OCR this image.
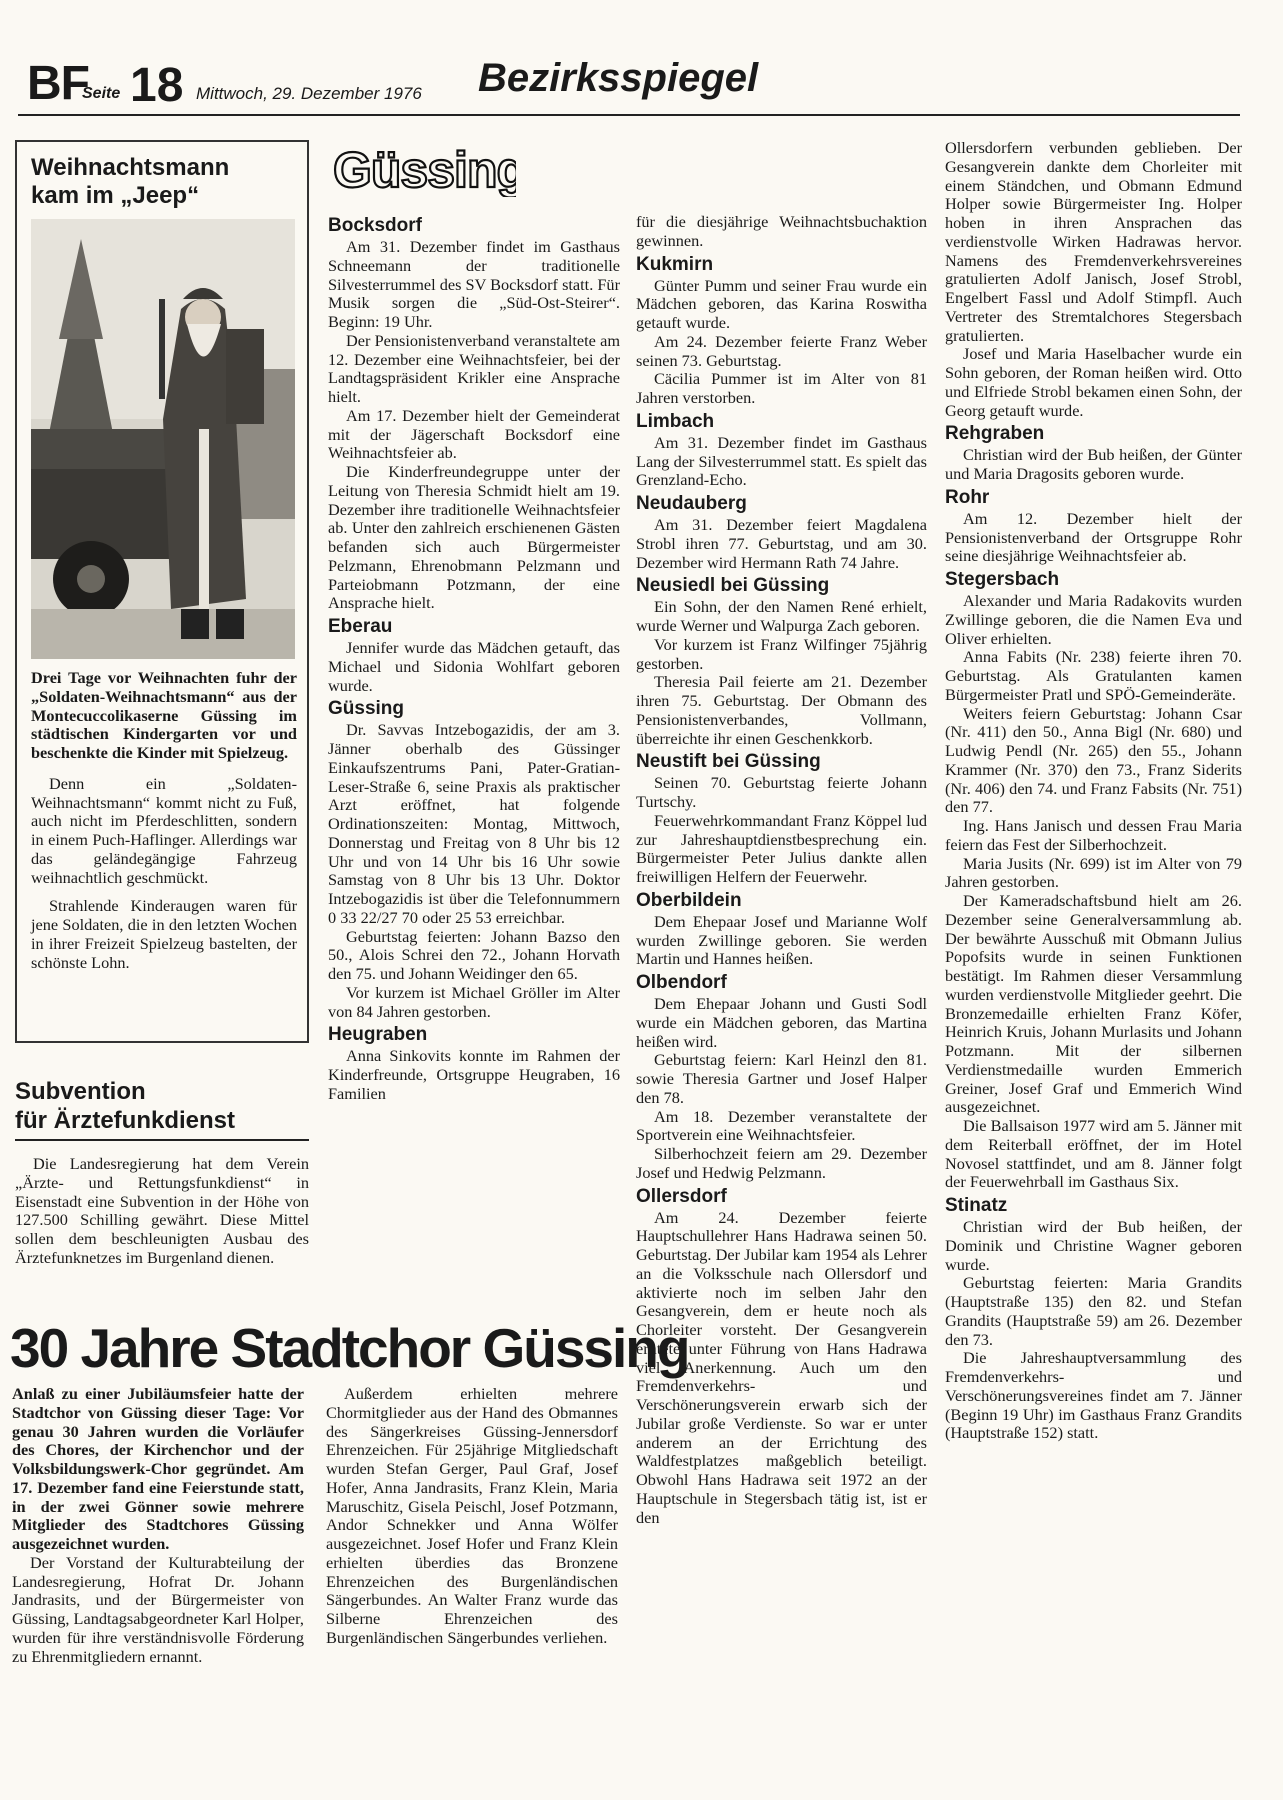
BF
Seite 18 Mittwoch, 29. Dezember 1976 Bezirksspiegel
Weihnachtsmann
kam im „Jeep“

Drei Tage vor Weihnachten fuhr der „Soldaten-Weihnachtsmann“ aus der Montecuccolikaserne Güssing im städtischen Kindergarten vor und beschenkte die Kinder mit Spielzeug.

Denn ein „Soldaten-Weihnachtsmann“ kommt nicht zu Fuß, auch nicht im Pferdeschlitten, sondern in einem Puch-Haflinger. Allerdings war das geländegängige Fahrzeug weihnachtlich geschmückt.

Strahlende Kinderaugen waren für jene Soldaten, die in den letzten Wochen in ihrer Freizeit Spielzeug bastelten, der schönste Lohn.

Subvention
für Ärztefunkdienst

Die Landesregierung hat dem Verein „Ärzte- und Rettungsfunkdienst“ in Eisenstadt eine Subvention in der Höhe von 127.500 Schilling gewährt. Diese Mittel sollen dem beschleunigten Ausbau des Ärztefunknetzes im Burgenland dienen.

Güssing
Bocksdorf

Am 31. Dezember findet im Gasthaus Schneemann der traditionelle Silvesterrummel des SV Bocksdorf statt. Für Musik sorgen die „Süd-Ost-Steirer“. Beginn: 19 Uhr.

Der Pensionistenverband veranstaltete am 12. Dezember eine Weihnachtsfeier, bei der Landtagspräsident Krikler eine Ansprache hielt.

Am 17. Dezember hielt der Gemeinderat mit der Jägerschaft Bocksdorf eine Weihnachtsfeier ab.

Die Kinderfreundegruppe unter der Leitung von Theresia Schmidt hielt am 19. Dezember ihre traditionelle Weihnachtsfeier ab. Unter den zahlreich erschienenen Gästen befanden sich auch Bürgermeister Pelzmann, Ehrenobmann Pelzmann und Parteiobmann Potzmann, der eine Ansprache hielt.

Eberau

Jennifer wurde das Mädchen getauft, das Michael und Sidonia Wohlfart geboren wurde.

Güssing

Dr. Savvas Intzebogazidis, der am 3. Jänner oberhalb des Güssinger Einkaufszentrums Pani, Pater-Gratian-Leser-Straße 6, seine Praxis als praktischer Arzt eröffnet, hat folgende Ordinationszeiten: Montag, Mittwoch, Donnerstag und Freitag von 8 Uhr bis 12 Uhr und von 14 Uhr bis 16 Uhr sowie Samstag von 8 Uhr bis 13 Uhr. Doktor Intzebogazidis ist über die Telefonnummern 0 33 22/27 70 oder 25 53 erreichbar.

Geburtstag feierten: Johann Bazso den 50., Alois Schrei den 72., Johann Horvath den 75. und Johann Weidinger den 65.

Vor kurzem ist Michael Gröller im Alter von 84 Jahren gestorben.

Heugraben

Anna Sinkovits konnte im Rahmen der Kinderfreunde, Ortsgruppe Heugraben, 16 Familien

für die diesjährige Weihnachtsbuchaktion gewinnen.

Kukmirn

Günter Pumm und seiner Frau wurde ein Mädchen geboren, das Karina Roswitha getauft wurde.

Am 24. Dezember feierte Franz Weber seinen 73. Geburtstag.

Cäcilia Pummer ist im Alter von 81 Jahren verstorben.

Limbach

Am 31. Dezember findet im Gasthaus Lang der Silvesterrummel statt. Es spielt das Grenzland-Echo.

Neudauberg

Am 31. Dezember feiert Magdalena Strobl ihren 77. Geburtstag, und am 30. Dezember wird Hermann Rath 74 Jahre.

Neusiedl bei Güssing

Ein Sohn, der den Namen René erhielt, wurde Werner und Walpurga Zach geboren.

Vor kurzem ist Franz Wilfinger 75jährig gestorben.

Theresia Pail feierte am 21. Dezember ihren 75. Geburtstag. Der Obmann des Pensionistenverbandes, Vollmann, überreichte ihr einen Geschenkkorb.

Neustift bei Güssing

Seinen 70. Geburtstag feierte Johann Turtschy.

Feuerwehrkommandant Franz Köppel lud zur Jahreshauptdienstbesprechung ein. Bürgermeister Peter Julius dankte allen freiwilligen Helfern der Feuerwehr.

Oberbildein

Dem Ehepaar Josef und Marianne Wolf wurden Zwillinge geboren. Sie werden Martin und Hannes heißen.

Olbendorf

Dem Ehepaar Johann und Gusti Sodl wurde ein Mädchen geboren, das Martina heißen wird.

Geburtstag feiern: Karl Heinzl den 81. sowie Theresia Gartner und Josef Halper den 78.

Am 18. Dezember veranstaltete der Sportverein eine Weihnachtsfeier.

Silberhochzeit feiern am 29. Dezember Josef und Hedwig Pelzmann.

Ollersdorf

Am 24. Dezember feierte Hauptschullehrer Hans Hadrawa seinen 50. Geburtstag. Der Jubilar kam 1954 als Lehrer an die Volksschule nach Ollersdorf und aktivierte noch im selben Jahr den Gesangverein, dem er heute noch als Chorleiter vorsteht. Der Gesangverein erntete unter Führung von Hans Hadrawa viel Anerkennung. Auch um den Fremdenverkehrs- und Verschönerungsverein erwarb sich der Jubilar große Verdienste. So war er unter anderem an der Errichtung des Waldfestplatzes maßgeblich beteiligt. Obwohl Hans Hadrawa seit 1972 an der Hauptschule in Stegersbach tätig ist, ist er den

Ollersdorfern verbunden geblieben. Der Gesangverein dankte dem Chorleiter mit einem Ständchen, und Obmann Edmund Holper sowie Bürgermeister Ing. Holper hoben in ihren Ansprachen das verdienstvolle Wirken Hadrawas hervor. Namens des Fremdenverkehrsvereines gratulierten Adolf Janisch, Josef Strobl, Engelbert Fassl und Adolf Stimpfl. Auch Vertreter des Stremtalchores Stegersbach gratulierten.

Josef und Maria Haselbacher wurde ein Sohn geboren, der Roman heißen wird. Otto und Elfriede Strobl bekamen einen Sohn, der Georg getauft wurde.

Rehgraben

Christian wird der Bub heißen, der Günter und Maria Dragosits geboren wurde.

Rohr

Am 12. Dezember hielt der Pensionistenverband der Ortsgruppe Rohr seine diesjährige Weihnachtsfeier ab.

Stegersbach

Alexander und Maria Radakovits wurden Zwillinge geboren, die die Namen Eva und Oliver erhielten.

Anna Fabits (Nr. 238) feierte ihren 70. Geburtstag. Als Gratulanten kamen Bürgermeister Pratl und SPÖ-Gemeinderäte.

Weiters feiern Geburtstag: Johann Csar (Nr. 411) den 50., Anna Bigl (Nr. 680) und Ludwig Pendl (Nr. 265) den 55., Johann Krammer (Nr. 370) den 73., Franz Siderits (Nr. 406) den 74. und Franz Fabsits (Nr. 751) den 77.

Ing. Hans Janisch und dessen Frau Maria feiern das Fest der Silberhochzeit.

Maria Jusits (Nr. 699) ist im Alter von 79 Jahren gestorben.

Der Kameradschaftsbund hielt am 26. Dezember seine Generalversammlung ab. Der bewährte Ausschuß mit Obmann Julius Popofsits wurde in seinen Funktionen bestätigt. Im Rahmen dieser Versammlung wurden verdienstvolle Mitglieder geehrt. Die Bronzemedaille erhielten Franz Köfer, Heinrich Kruis, Johann Murlasits und Johann Potzmann. Mit der silbernen Verdienstmedaille wurden Emmerich Greiner, Josef Graf und Emmerich Wind ausgezeichnet.

Die Ballsaison 1977 wird am 5. Jänner mit dem Reiterball eröffnet, der im Hotel Novosel stattfindet, und am 8. Jänner folgt der Feuerwehrball im Gasthaus Six.

Stinatz

Christian wird der Bub heißen, der Dominik und Christine Wagner geboren wurde.

Geburtstag feierten: Maria Grandits (Hauptstraße 135) den 82. und Stefan Grandits (Hauptstraße 59) am 26. Dezember den 73.

Die Jahreshauptversammlung des Fremdenverkehrs- und Verschönerungsvereines findet am 7. Jänner (Beginn 19 Uhr) im Gasthaus Franz Grandits (Hauptstraße 152) statt.

30 Jahre Stadtchor Güssing

Anlaß zu einer Jubiläumsfeier hatte der Stadtchor von Güssing dieser Tage: Vor genau 30 Jahren wurden die Vorläufer des Chores, der Kirchenchor und der Volksbildungswerk-Chor gegründet. Am 17. Dezember fand eine Feierstunde statt, in der zwei Gönner sowie mehrere Mitglieder des Stadtchores Güssing ausgezeichnet wurden.

Der Vorstand der Kulturabteilung der Landesregierung, Hofrat Dr. Johann Jandrasits, und der Bürgermeister von Güssing, Landtagsabgeordneter Karl Holper, wurden für ihre verständnisvolle Förderung zu Ehrenmitgliedern ernannt.

Außerdem erhielten mehrere Chormitglieder aus der Hand des Obmannes des Sängerkreises Güssing-Jennersdorf Ehrenzeichen. Für 25jährige Mitgliedschaft wurden Stefan Gerger, Paul Graf, Josef Hofer, Anna Jandrasits, Franz Klein, Maria Maruschitz, Gisela Peischl, Josef Potzmann, Andor Schnekker und Anna Wölfer ausgezeichnet. Josef Hofer und Franz Klein erhielten überdies das Bronzene Ehrenzeichen des Burgenländischen Sängerbundes. An Walter Franz wurde das Silberne Ehrenzeichen des Burgenländischen Sängerbundes verliehen.
